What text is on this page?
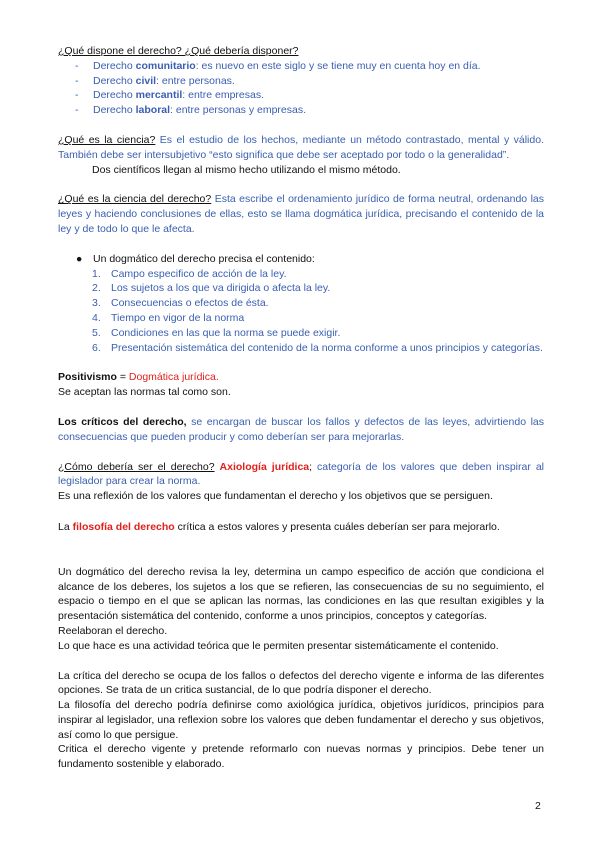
¿Qué dispone el derecho? ¿Qué debería disponer?

- Derecho comunitario: es nuevo en este siglo y se tiene muy en cuenta hoy en día.
- Derecho civil: entre personas.
- Derecho mercantil: entre empresas.
- Derecho laboral: entre personas y empresas.

¿Qué es la ciencia? Es el estudio de los hechos, mediante un método contrastado, mental y válido. También debe ser intersubjetivo “esto significa que debe ser aceptado por todo o la generalidad”.

Dos científicos llegan al mismo hecho utilizando el mismo método.

¿Qué es la ciencia del derecho? Esta escribe el ordenamiento jurídico de forma neutral, ordenando las leyes y haciendo conclusiones de ellas, esto se llama dogmática jurídica, precisando el contenido de la ley y de todo lo que le afecta.

● Un dogmático del derecho precisa el contenido:
1. Campo especifico de acción de la ley.
2. Los sujetos a los que va dirigida o afecta la ley.
3. Consecuencias o efectos de ésta.
4. Tiempo en vigor de la norma
5. Condiciones en las que la norma se puede exigir.
6. Presentación sistemática del contenido de la norma conforme a unos principios y categorías.

Positivismo = Dogmática jurídica.

Se aceptan las normas tal como son.

Los críticos del derecho, se encargan de buscar los fallos y defectos de las leyes, advirtiendo las consecuencias que pueden producir y como deberían ser para mejorarlas.

¿Cómo debería ser el derecho? Axiología jurídica; categoría de los valores que deben inspirar al legislador para crear la norma.

Es una reflexión de los valores que fundamentan el derecho y los objetivos que se persiguen.

La filosofía del derecho crítica a estos valores y presenta cuáles deberían ser para mejorarlo.

Un dogmático del derecho revisa la ley, determina un campo especifico de acción que condiciona el alcance de los deberes, los sujetos a los que se refieren, las consecuencias de su no seguimiento, el espacio o tiempo en el que se aplican las normas, las condiciones en las que resultan exigibles y la presentación sistemática del contenido, conforme a unos principios, conceptos y categorías.

Reelaboran el derecho.

Lo que hace es una actividad teórica que le permiten presentar sistemáticamente el contenido.

La crítica del derecho se ocupa de los fallos o defectos del derecho vigente e informa de las diferentes opciones. Se trata de un critica sustancial, de lo que podría disponer el derecho.

La filosofía del derecho podría definirse como axiológica jurídica, objetivos jurídicos, principios para inspirar al legislador, una reflexion sobre los valores que deben fundamentar el derecho y sus objetivos, así como lo que persigue.

Critica el derecho vigente y pretende reformarlo con nuevas normas y principios. Debe tener un fundamento sostenible y elaborado.

2
